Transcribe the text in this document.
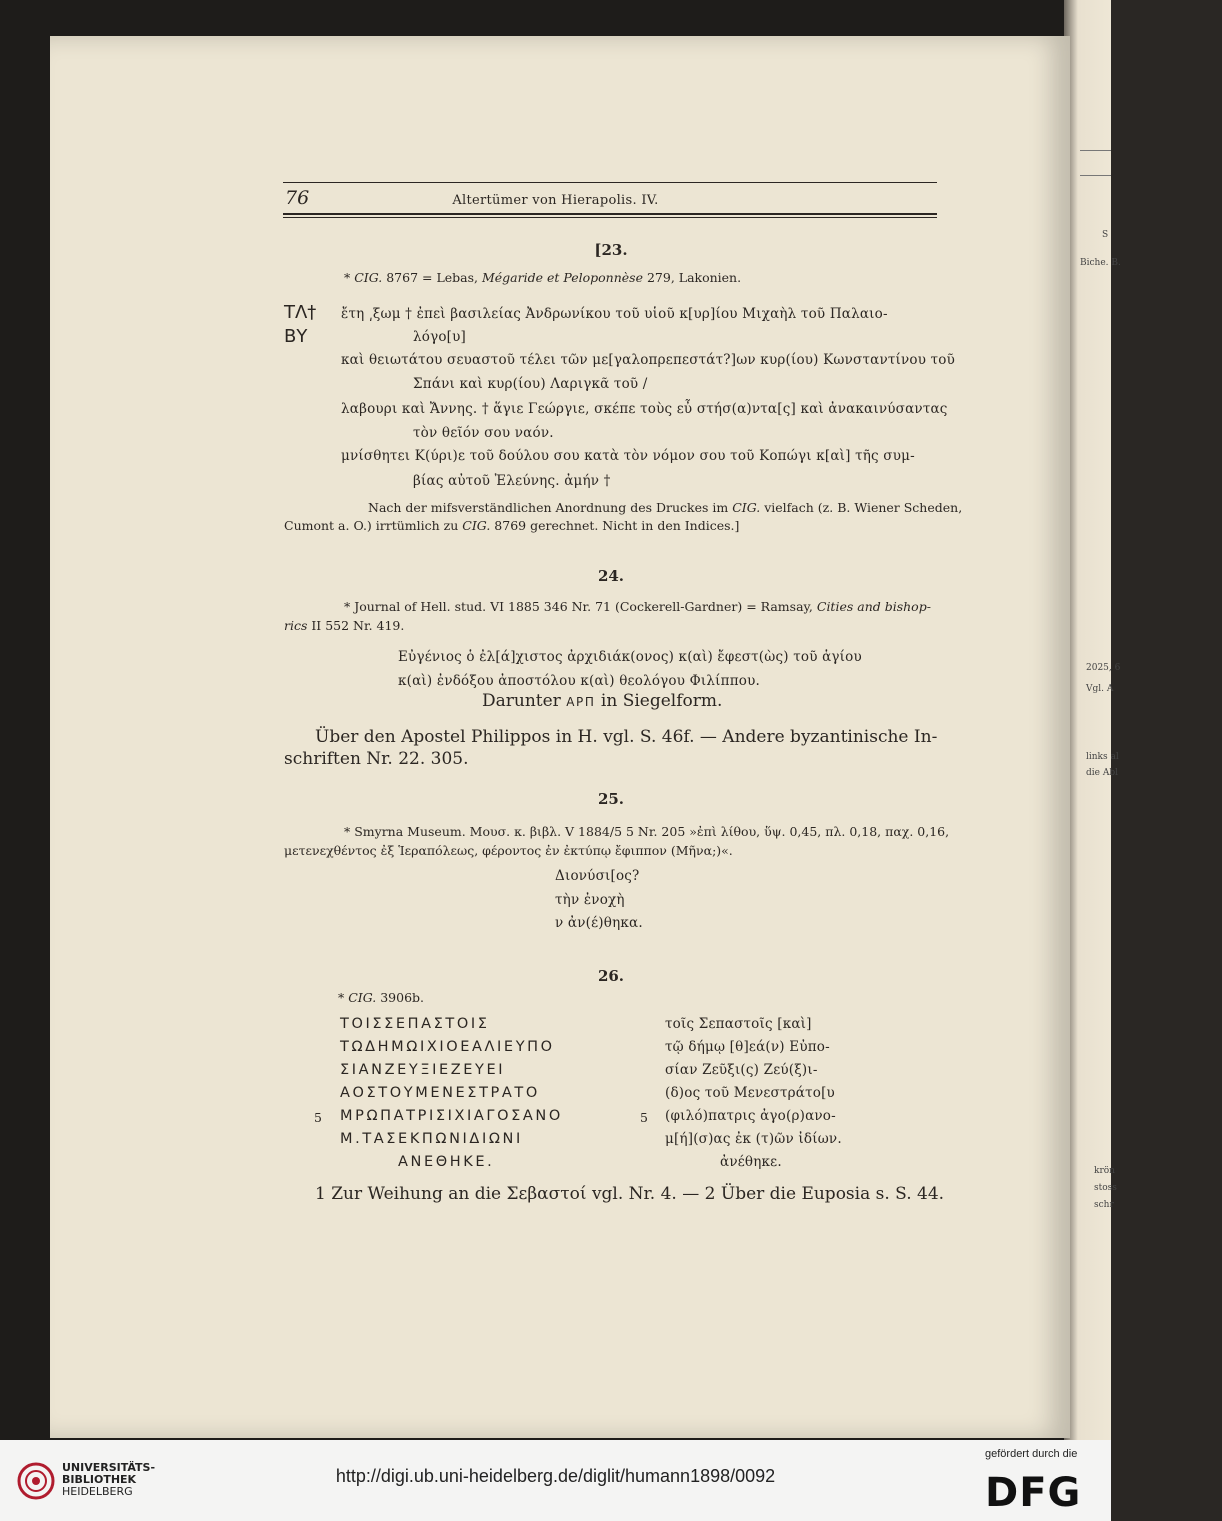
S
Biche. B.
2025, 6
Vgl. A
links al
die Abl
krön
stoss
schr
76	Altertümer von Hierapolis. IV.
[23.
* CIG. 8767 = Lebas, Mégaride et Peloponnèse 279, Lakonien.
ΤΛ†
ΒΥ
ἔτη ͵ξωμ † ἐπεὶ βασιλείας Ἀνδρωνίκου τοῦ υἱοῦ κ[υρ]ίου Μιχαὴλ τοῦ Παλαιο-
λόγο[υ]
καὶ θειωτάτου σευαστοῦ τέλει τῶν με[γαλοπρεπεστάτ?]ων κυρ(ίου) Κωνσταντίνου τοῦ
Σπάνι καὶ κυρ(ίου) Λαριγκᾶ τοῦ /
λαβουρι καὶ Ἄννης. † ἅγιε Γεώργιε, σκέπε τοὺς εὖ στήσ(α)ντα[ς] καὶ ἀνακαινύσαντας
τὸν θεῖόν σου ναόν.
μνίσθητει Κ(ύρι)ε τοῦ δούλου σου κατὰ τὸν νόμον σου τοῦ Κοπώγι κ[αὶ] τῆς συμ-
βίας αὐτοῦ Ἐλεύνης. ἀμήν †
Nach der mifsverständlichen Anordnung des Druckes im CIG. vielfach (z. B. Wiener Scheden,
Cumont a. O.) irrtümlich zu CIG. 8769 gerechnet. Nicht in den Indices.]
24.
* Journal of Hell. stud. VI 1885 346 Nr. 71 (Cockerell-Gardner) = Ramsay, Cities and bishop-
rics II 552 Nr. 419.
Εὐγένιος ὁ ἐλ[ά]χιστος ἀρχιδιάκ(ονος) κ(αὶ) ἔφεστ(ὼς) τοῦ ἁγίου
κ(αὶ) ἐνδόξου ἀποστόλου κ(αὶ) θεολόγου Φιλίππου.
Darunter ΑΡΠ in Siegelform.
Über den Apostel Philippos in H. vgl. S. 46f. — Andere byzantinische In-
schriften Nr. 22. 305.
25.
* Smyrna Museum. Μουσ. κ. βιβλ. V 1884/5 5 Nr. 205 »ἐπὶ λίθου, ὕψ. 0,45, πλ. 0,18, παχ. 0,16,
μετενεχθέντος ἐξ Ἱεραπόλεως, φέροντος ἐν ἐκτύπῳ ἔφιππον (Μῆνα;)«.
Διονύσι[ος?
τὴν ἐνοχὴ
ν ἀν(έ)θηκα.
26.
* CIG. 3906b.
ΤΟΙΣΣΕΠΑΣΤΟΙΣ
ΤΩΔΗΜΩΙΧΙΟΕΑΛΙΕΥΠΟ
ΣΙΑΝΖΕΥΞΙΕΖΕΥΕΙ
ΑΟΣΤΟΥΜΕΝΕΣΤΡΑΤΟ
5 ΜΡΩΠΑΤΡΙΣΙΧΙΑΓΟΣΑΝΟ
Μ.ΤΑΣΕΚΠΩΝΙΔΙΩΝΙ
ΑΝΕΘΗΚΕ.
τοῖς Σεπαστοῖς [καὶ]
τῷ δήμῳ [θ]εά(ν) Εὐπο-
σίαν Ζεῦξι(ς) Ζεύ(ξ)ι-
(δ)ος τοῦ Μενεστράτο[υ
5 (φιλό)πατρις ἀγο(ρ)ανο-
μ[ή](σ)ας ἐκ (τ)ῶν ἰδίων.
ἀνέθηκε.
1 Zur Weihung an die Σεβαστοί vgl. Nr. 4. — 2 Über die Euposia s. S. 44.
UNIVERSITÄTS-
BIBLIOTHEK
HEIDELBERG
http://digi.ub.uni-heidelberg.de/diglit/humann1898/0092
gefördert durch die
DFG
